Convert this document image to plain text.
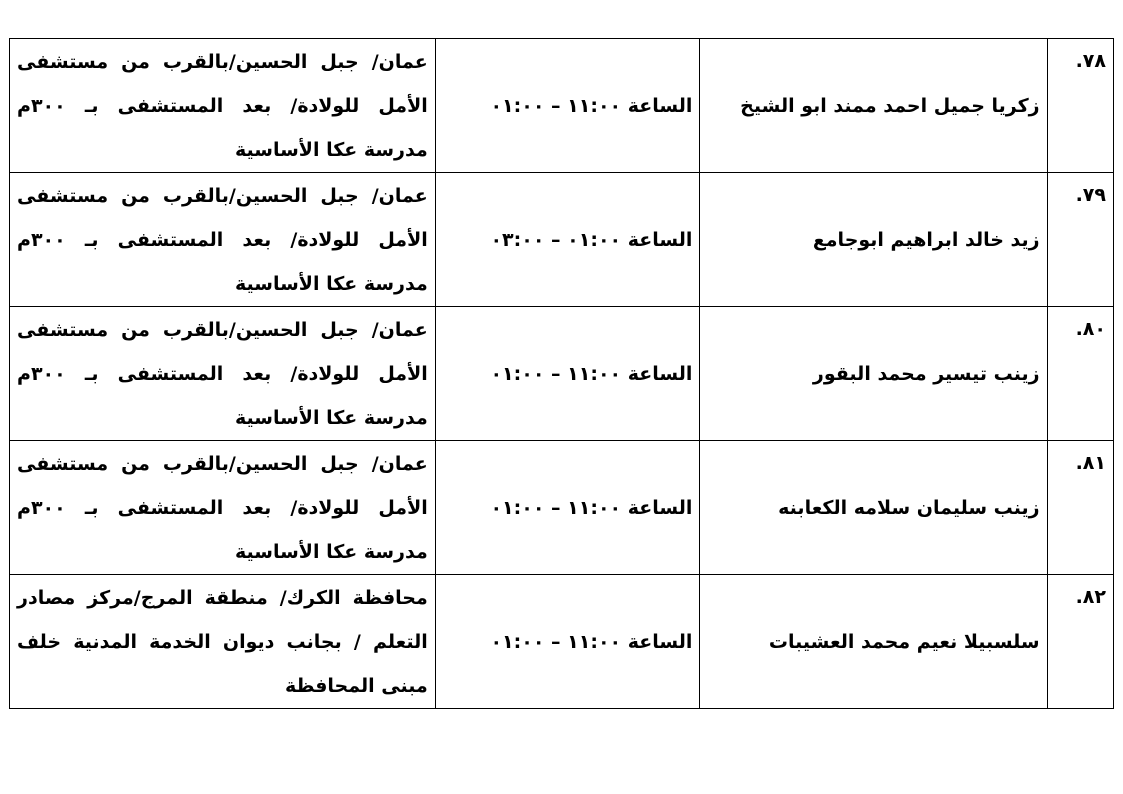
٧٨.	زكريا جميل احمد ممند ابو الشيخ	الساعة ١١:٠٠ – ٠١:٠٠	عمان/ جبل الحسين/بالقرب من مستشفى الأمل للولادة/ بعد المستشفى بـ ٣٠٠م مدرسة عكا الأساسية

٧٩.	زيد خالد ابراهيم ابوجامع	الساعة ٠١:٠٠ – ٠٣:٠٠	عمان/ جبل الحسين/بالقرب من مستشفى الأمل للولادة/ بعد المستشفى بـ ٣٠٠م مدرسة عكا الأساسية

٨٠.	زينب تيسير محمد البقور	الساعة ١١:٠٠ – ٠١:٠٠	عمان/ جبل الحسين/بالقرب من مستشفى الأمل للولادة/ بعد المستشفى بـ ٣٠٠م مدرسة عكا الأساسية

٨١.	زينب سليمان سلامه الكعابنه	الساعة ١١:٠٠ – ٠١:٠٠	عمان/ جبل الحسين/بالقرب من مستشفى الأمل للولادة/ بعد المستشفى بـ ٣٠٠م مدرسة عكا الأساسية

٨٢.	سلسبيلا نعيم محمد العشيبات	الساعة ١١:٠٠ – ٠١:٠٠	محافظة الكرك/ منطقة المرج/مركز مصادر التعلم / بجانب ديوان الخدمة المدنية خلف مبنى المحافظة
